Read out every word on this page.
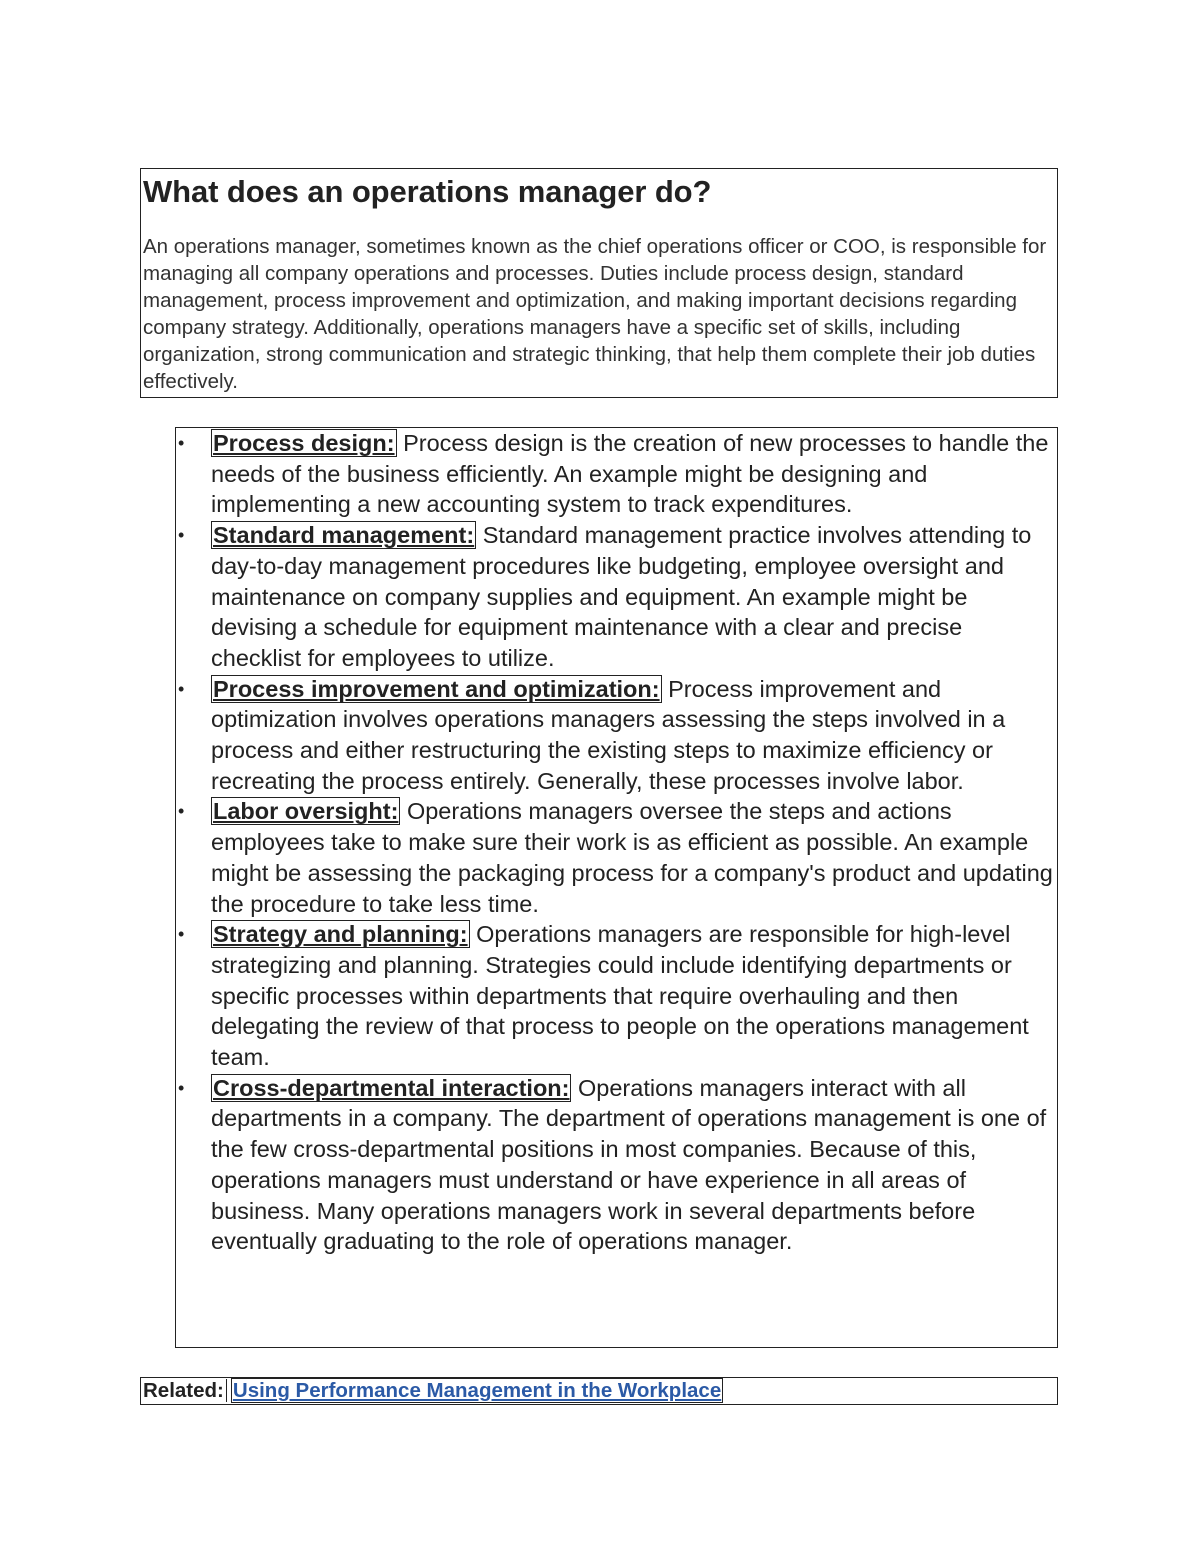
What does an operations manager do?
An operations manager, sometimes known as the chief operations officer or COO, is responsible for managing all company operations and processes. Duties include process design, standard management, process improvement and optimization, and making important decisions regarding company strategy. Additionally, operations managers have a specific set of skills, including organization, strong communication and strategic thinking, that help them complete their job duties effectively.
• Process design: Process design is the creation of new processes to handle the needs of the business efficiently. An example might be designing and implementing a new accounting system to track expenditures.
• Standard management: Standard management practice involves attending to day-to-day management procedures like budgeting, employee oversight and maintenance on company supplies and equipment. An example might be devising a schedule for equipment maintenance with a clear and precise checklist for employees to utilize.
• Process improvement and optimization: Process improvement and optimization involves operations managers assessing the steps involved in a process and either restructuring the existing steps to maximize efficiency or recreating the process entirely. Generally, these processes involve labor.
• Labor oversight: Operations managers oversee the steps and actions employees take to make sure their work is as efficient as possible. An example might be assessing the packaging process for a company's product and updating the procedure to take less time.
• Strategy and planning: Operations managers are responsible for high-level strategizing and planning. Strategies could include identifying departments or specific processes within departments that require overhauling and then delegating the review of that process to people on the operations management team.
• Cross-departmental interaction: Operations managers interact with all departments in a company. The department of operations management is one of the few cross-departmental positions in most companies. Because of this, operations managers must understand or have experience in all areas of business. Many operations managers work in several departments before eventually graduating to the role of operations manager.
Related: Using Performance Management in the Workplace
